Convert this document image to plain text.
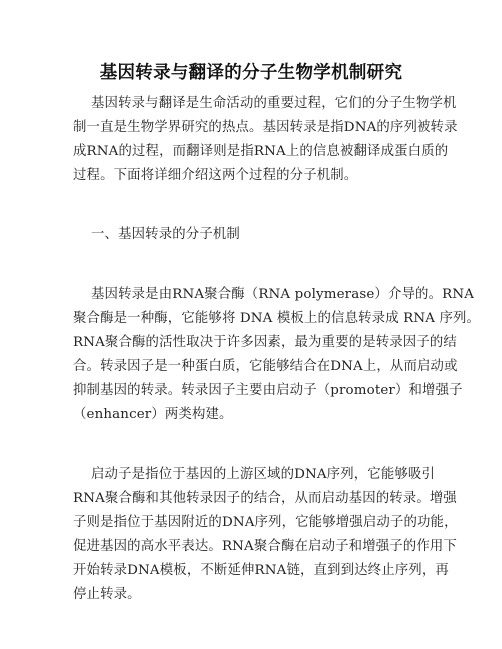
基因转录与翻译的分子生物学机制研究
基因转录与翻译是生命活动的重要过程，它们的分子生物学机
制一直是生物学界研究的热点。基因转录是指DNA的序列被转录
成RNA的过程，而翻译则是指RNA上的信息被翻译成蛋白质的
过程。下面将详细介绍这两个过程的分子机制。
一、基因转录的分子机制
基因转录是由RNA聚合酶（RNA polymerase）介导的。RNA
聚合酶是一种酶，它能够将 DNA 模板上的信息转录成 RNA 序列。
RNA聚合酶的活性取决于许多因素，最为重要的是转录因子的结
合。转录因子是一种蛋白质，它能够结合在DNA上，从而启动或
抑制基因的转录。转录因子主要由启动子（promoter）和增强子
（enhancer）两类构建。
启动子是指位于基因的上游区域的DNA序列，它能够吸引
RNA聚合酶和其他转录因子的结合，从而启动基因的转录。增强
子则是指位于基因附近的DNA序列，它能够增强启动子的功能，
促进基因的高水平表达。RNA聚合酶在启动子和增强子的作用下
开始转录DNA模板，不断延伸RNA链，直到到达终止序列，再
停止转录。
